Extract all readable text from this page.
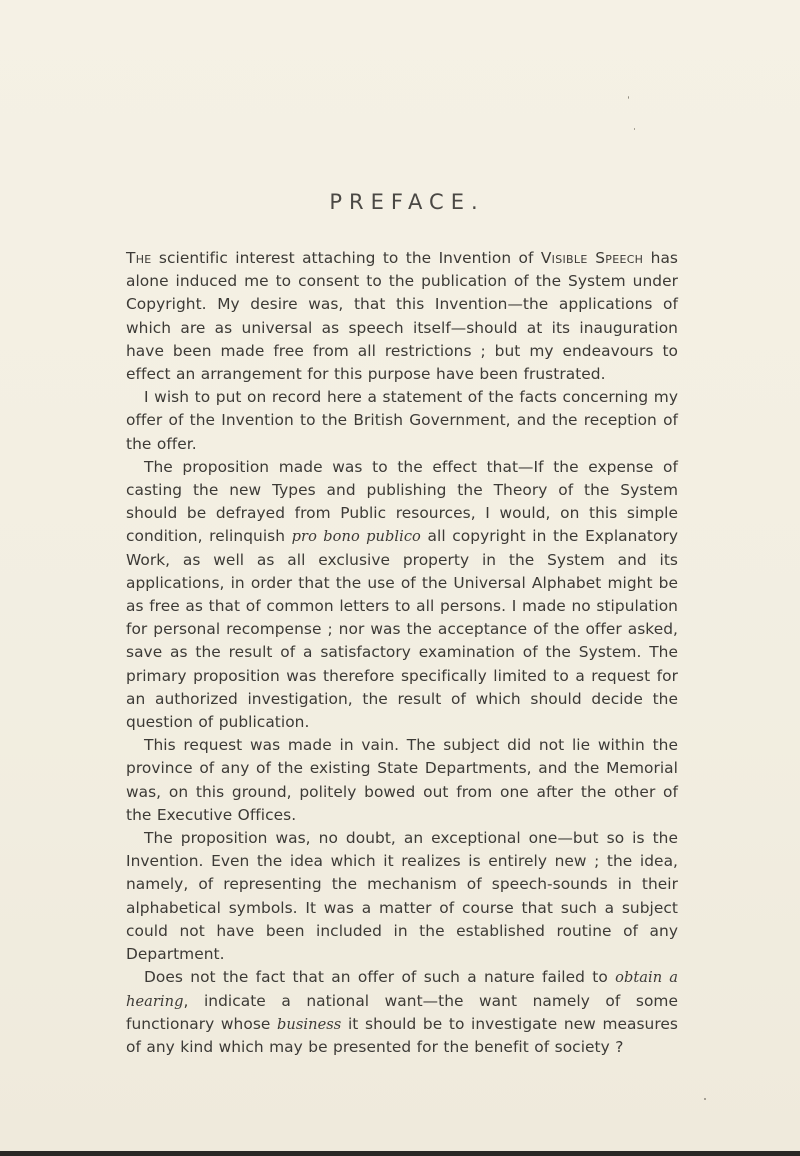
PREFACE.

The scientific interest attaching to the Invention of Visible Speech has alone induced me to consent to the publication of the System under Copyright. My desire was, that this Invention—the applications of which are as universal as speech itself—should at its inauguration have been made free from all restrictions ; but my endeavours to effect an arrangement for this purpose have been frustrated.

I wish to put on record here a statement of the facts concerning my offer of the Invention to the British Government, and the reception of the offer.

The proposition made was to the effect that—If the expense of casting the new Types and publishing the Theory of the System should be defrayed from Public resources, I would, on this simple condition, relinquish pro bono publico all copyright in the Explanatory Work, as well as all exclusive property in the System and its applications, in order that the use of the Universal Alphabet might be as free as that of common letters to all persons. I made no stipulation for personal recompense ; nor was the acceptance of the offer asked, save as the result of a satisfactory examination of the System. The primary proposition was therefore specifically limited to a request for an authorized investigation, the result of which should decide the question of publication.

This request was made in vain. The subject did not lie within the province of any of the existing State Departments, and the Memorial was, on this ground, politely bowed out from one after the other of the Executive Offices.

The proposition was, no doubt, an exceptional one—but so is the Invention. Even the idea which it realizes is entirely new ; the idea, namely, of representing the mechanism of speech-sounds in their alphabetical symbols. It was a matter of course that such a subject could not have been included in the established routine of any Department.

Does not the fact that an offer of such a nature failed to obtain a hearing, indicate a national want—the want namely of some functionary whose business it should be to investigate new measures of any kind which may be presented for the benefit of society ?
